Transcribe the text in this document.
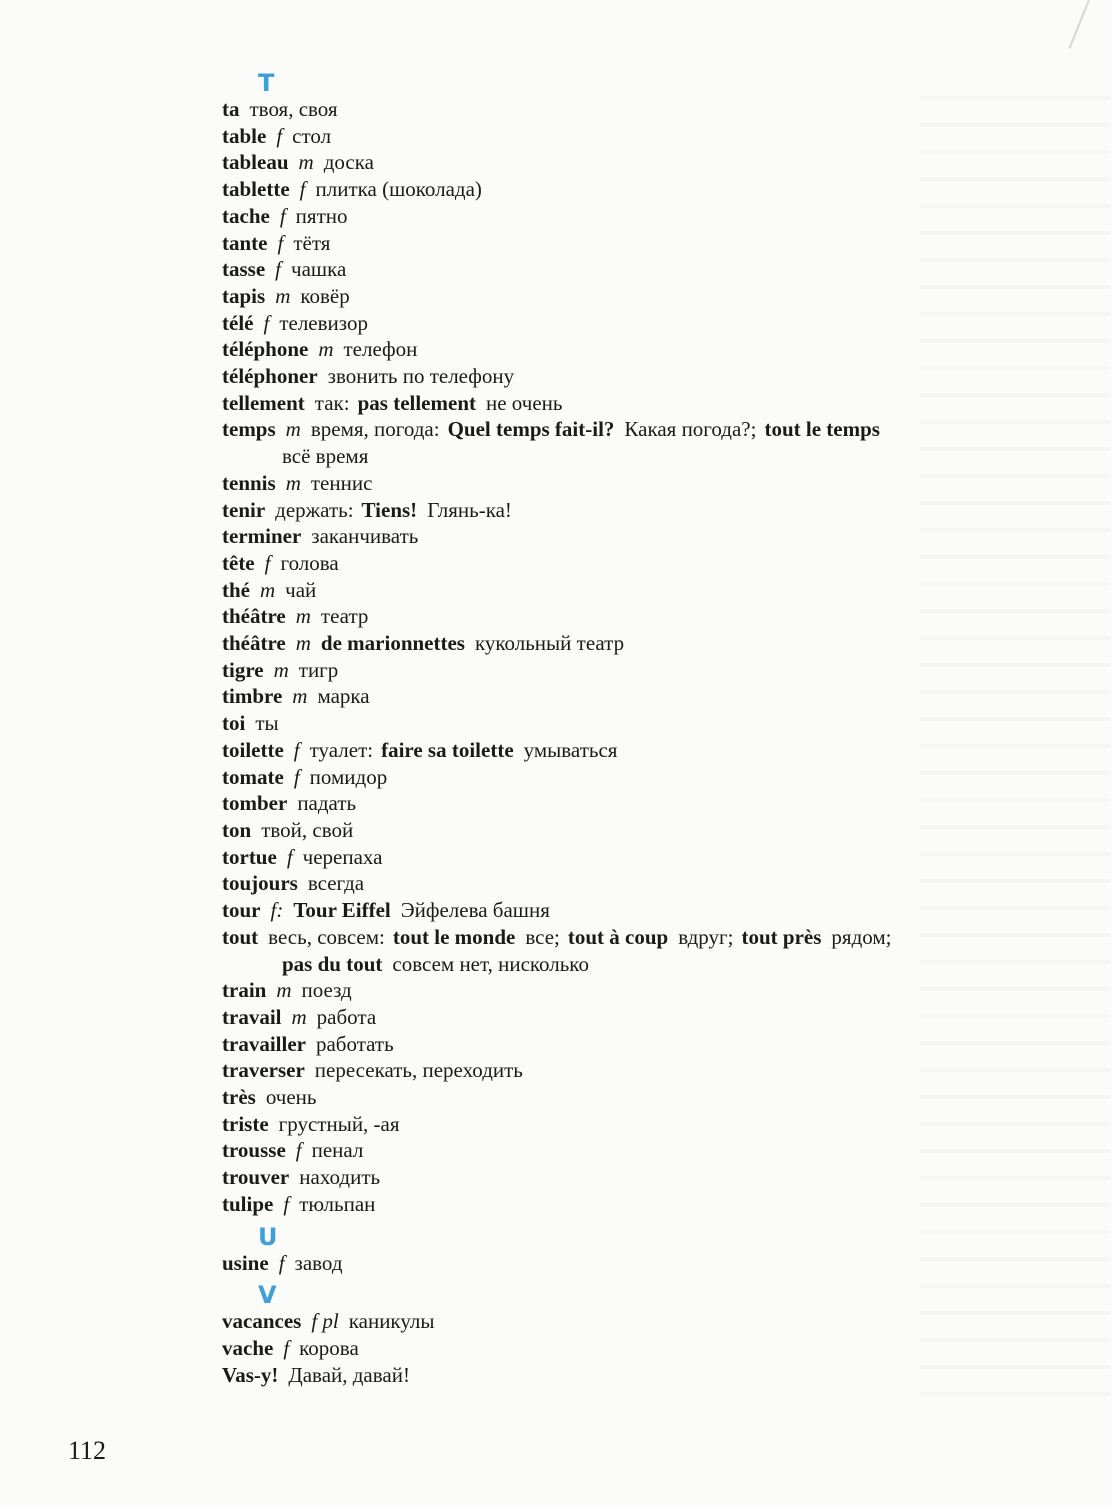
T
ta твоя, своя
table f стол
tableau m доска
tablette f плитка (шоколада)
tache f пятно
tante f тётя
tasse f чашка
tapis m ковёр
télé f телевизор
téléphone m телефон
téléphoner звонить по телефону
tellement так: pas tellement не очень
temps m время, погода: Quel temps fait-il? Какая погода?; tout le temps
всё время
tennis m теннис
tenir держать: Tiens! Глянь-ка!
terminer заканчивать
tête f голова
thé m чай
théâtre m театр
théâtre m de marionnettes кукольный театр
tigre m тигр
timbre m марка
toi ты
toilette f туалет: faire sa toilette умываться
tomate f помидор
tomber падать
ton твой, свой
tortue f черепаха
toujours всегда
tour f: Tour Eiffel Эйфелева башня
tout весь, совсем: tout le monde все; tout à coup вдруг; tout près рядом;
pas du tout совсем нет, нисколько
train m поезд
travail m работа
travailler работать
traverser пересекать, переходить
très очень
triste грустный, -ая
trousse f пенал
trouver находить
tulipe f тюльпан
U
usine f завод
V
vacances f pl каникулы
vache f корова
Vas-y! Давай, давай!
112
